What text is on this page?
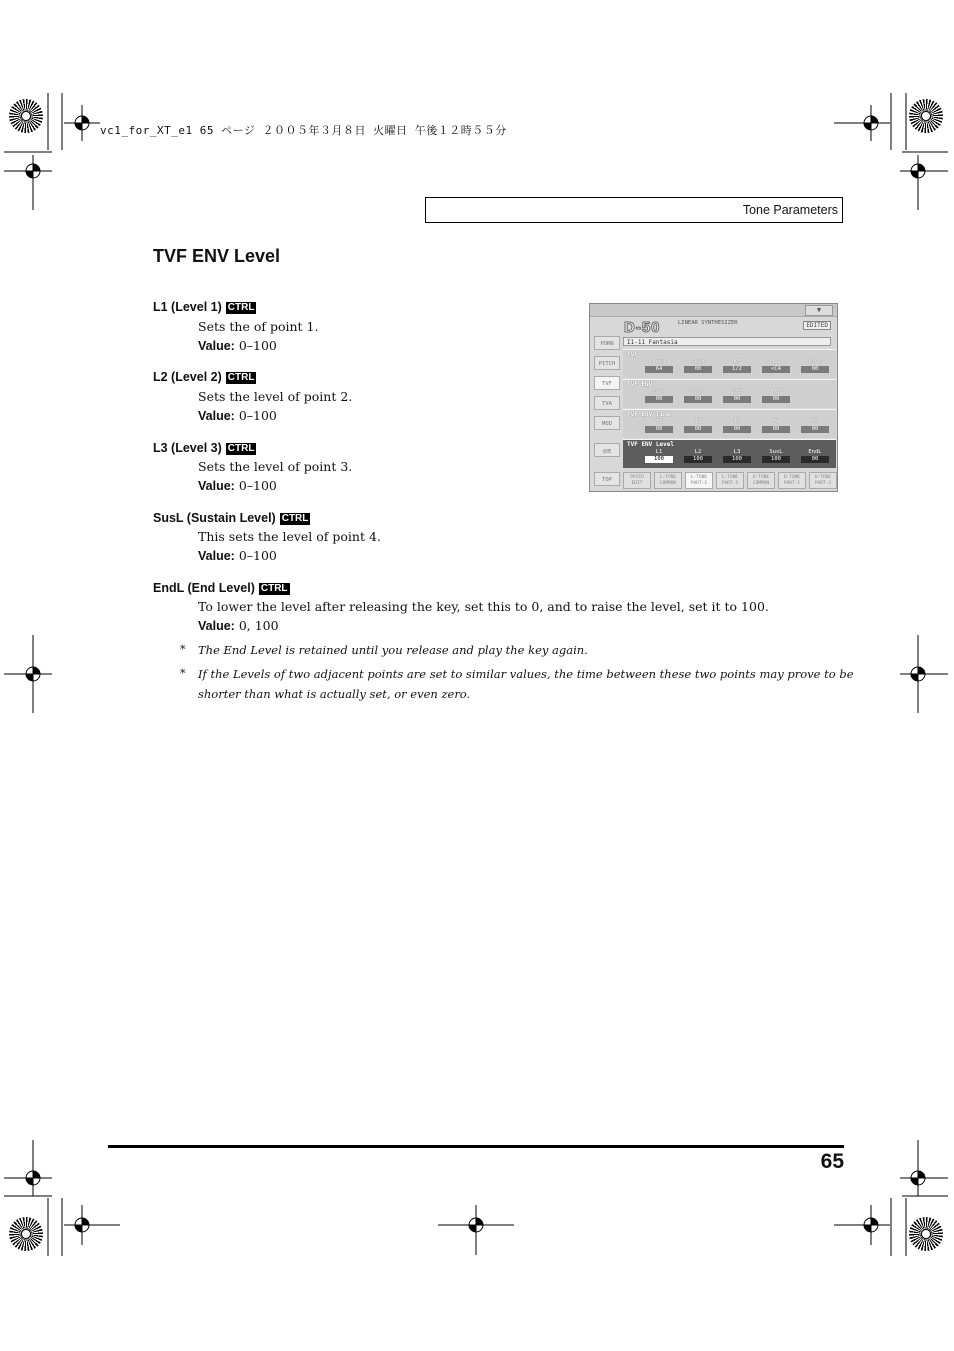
vc1_for_XT_e1 65 ページ ２００５年３月８日 火曜日 午後１２時５５分
Tone Parameters
TVF ENV Level
L1 (Level 1) CTRL
Sets the of point 1.
Value: 0–100
L2 (Level 2) CTRL
Sets the level of point 2.
Value: 0–100
L3 (Level 3) CTRL
Sets the level of point 3.
Value: 0–100
SusL (Sustain Level) CTRL
This sets the level of point 4.
Value: 0–100
EndL (End Level) CTRL
To lower the level after releasing the key, set this to 0, and to raise the level, set it to 100.
Value: 0, 100
* The End Level is retained until you release and play the key again.
* If the Levels of two adjacent points are set to similar values, the time between these two points may prove to be
shorter than what is actually set, or even zero.
▼
D-50	LINEAR SYNTHESIZER	EDITED
I1-11 Fantasia
PORN
PITCH
TVF
TVA
MOD
◎≡
TOP
TVF
Freq
64
Reso
00
KF
1/2
BP
<C4
Blvl
00
TVF ENV
Deth
00
Velo
00
DKF
00
TKF
00
TVF ENV Time
T1
00
T2
00
T3
00
T4
00
T5
00
TVF ENV Level
L1
100
L2
100
L3
100
SusL
100
EndL
00
PATCH EDIT
L-TONE COMMON
L-TONE PART-1
L-TONE PART-2
U-TONE COMMON
U-TONE PART-1
U-TONE PART-2
65
